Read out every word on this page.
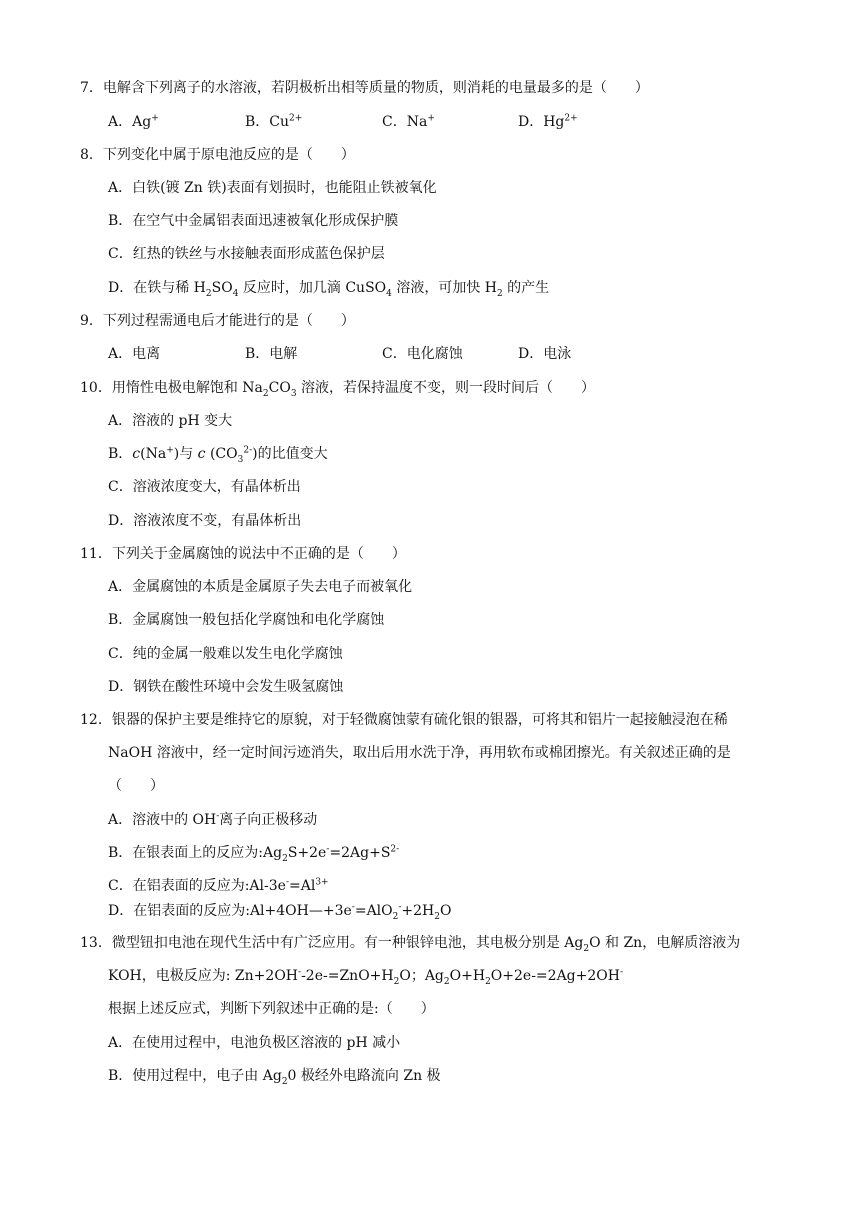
7．电解含下列离子的水溶液，若阴极析出相等质量的物质，则消耗的电量最多的是（　　）
A．Ag+	B．$Cu^{2+}$	C．Na+	D．$Hg^{2+}$
8．下列变化中属于原电池反应的是（　　）
A．白铁(镀 Zn 铁)表面有划损时，也能阻止铁被氧化
B．在空气中金属铝表面迅速被氧化形成保护膜
C．红热的铁丝与水接触表面形成蓝色保护层
D．在铁与稀 $H_2SO_4$ 反应时，加几滴 CuSO$_4$ 溶液，可加快 $H_2$ 的产生
9．下列过程需通电后才能进行的是（　　）
A．电离	B．电解	C．电化腐蚀	D．电泳
10．用惰性电极电解饱和 $Na_2CO_3$ 溶液，若保持温度不变，则一段时间后（　　）
A．溶液的 pH 变大
B．c(Na+)与 c $(CO_3^{2-})$的比值变大
C．溶液浓度变大，有晶体析出
D．溶液浓度不变，有晶体析出
11．下列关于金属腐蚀的说法中不正确的是（　　）
A．金属腐蚀的本质是金属原子失去电子而被氧化
B．金属腐蚀一般包括化学腐蚀和电化学腐蚀
C．纯的金属一般难以发生电化学腐蚀
D．钢铁在酸性环境中会发生吸氢腐蚀
12．银器的保护主要是维持它的原貌，对于轻微腐蚀蒙有硫化银的银器，可将其和铝片一起接触浸泡在稀
NaOH 溶液中，经一定时间污迹消失，取出后用水洗于净，再用软布或棉团擦光。有关叙述正确的是
（　　）
A．溶液中的 OH-离子向正极移动
B．在银表面上的反应为$:Ag_2S+2e^-=2Ag+S^{2-}$
C．在铝表面的反应为$:Al-3e^-=Al^{3+}$
D．在铝表面的反应为$:Al+4OH—+3e^-=AlO_2^-+2H_2O$
13．微型钮扣电池在现代生活中有广泛应用。有一种银锌电池，其电极分别是 $Ag_2O$ 和 Zn，电解质溶液为
KOH，电极反应为: $Zn+2OH^--2e-=ZnO+H_2O$；$Ag_2O+H_2O+2e-=2Ag+2OH^-$
根据上述反应式，判断下列叙述中正确的是:（　　）
A．在使用过程中，电池负极区溶液的 pH 减小
B．使用过程中，电子由 $Ag_20$ 极经外电路流向 Zn 极
